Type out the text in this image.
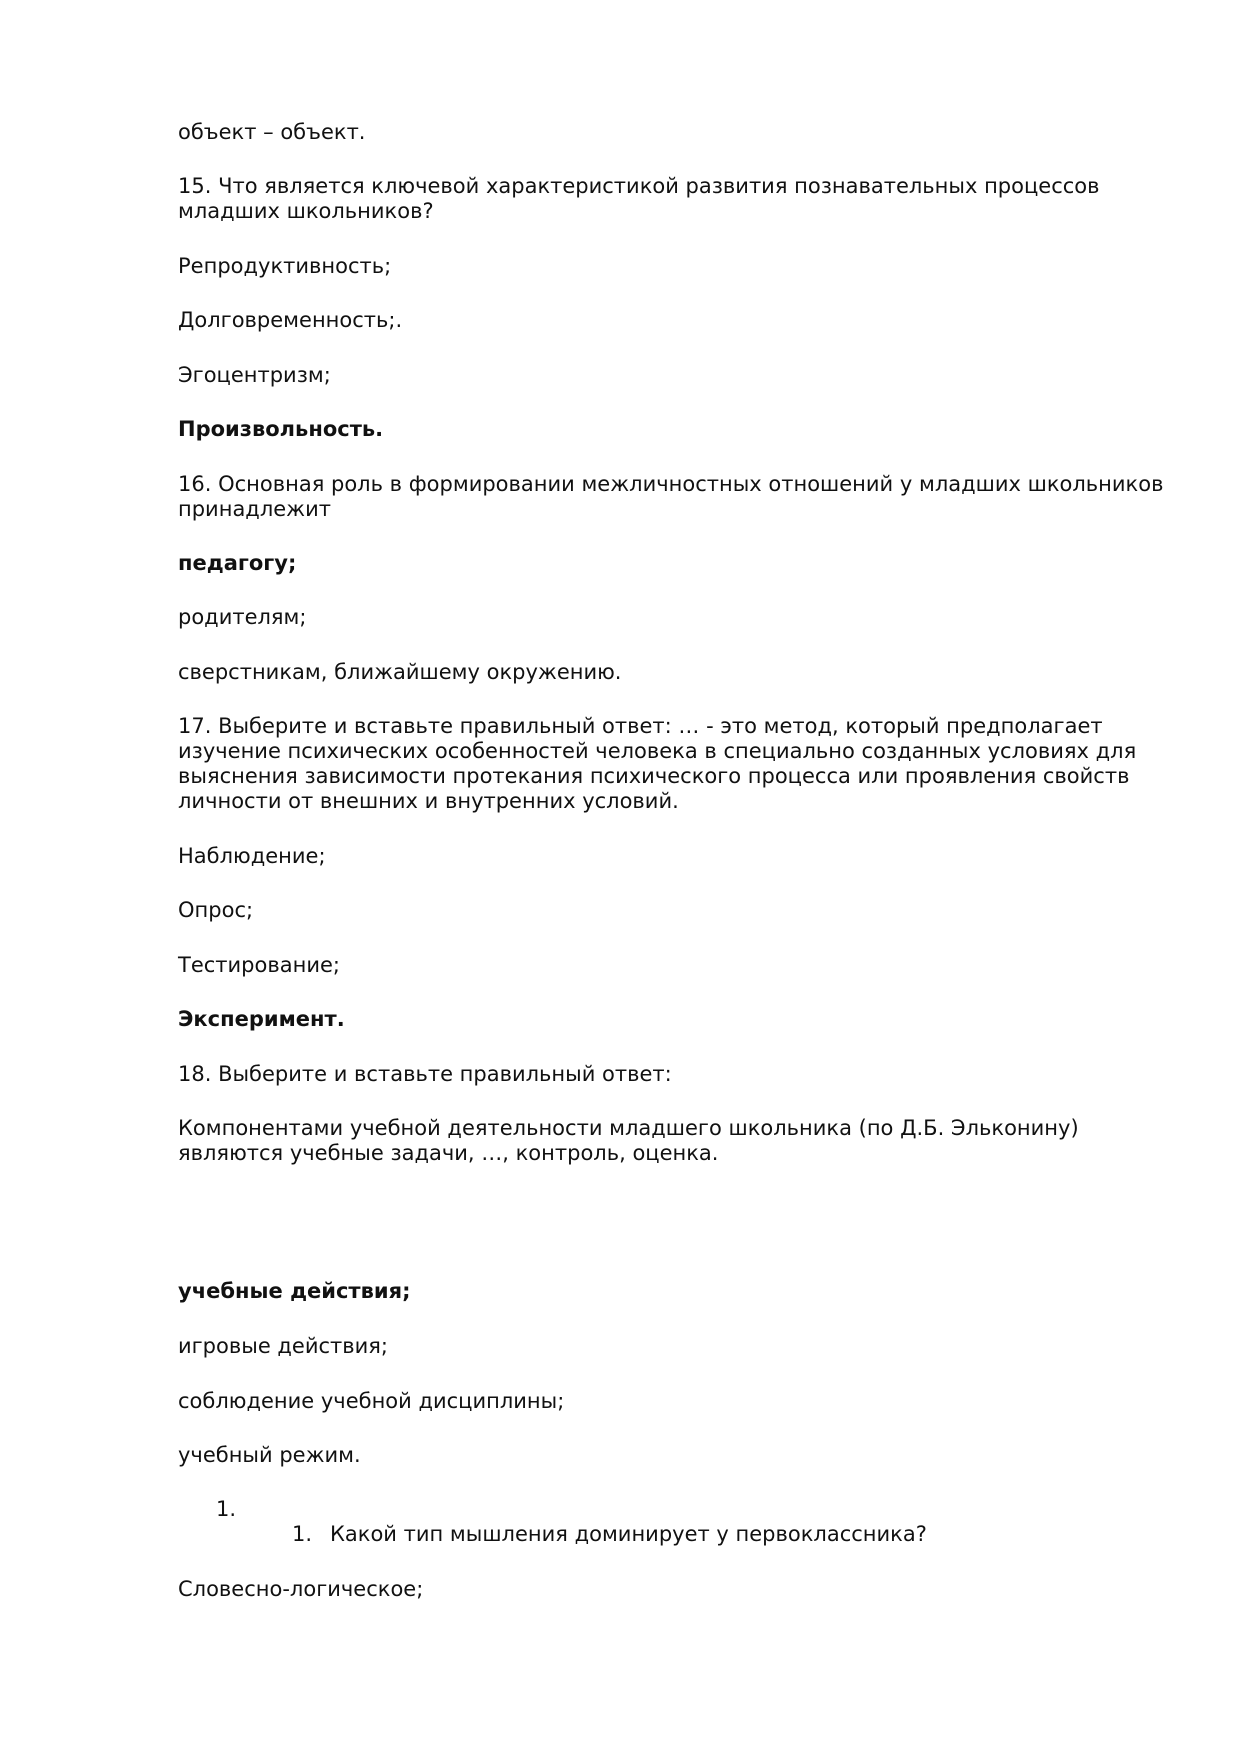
объект – объект.

15. Что является ключевой характеристикой развития познавательных процессов

младших школьников?

Репродуктивность;

Долговременность;.

Эгоцентризм;

Произвольность.

16. Основная роль в формировании межличностных отношений у младших школьников

принадлежит

педагогу;

родителям;

сверстникам, ближайшему окружению.

17. Выберите и вставьте правильный ответ: … - это метод, который предполагает

изучение психических особенностей человека в специально созданных условиях для

выяснения зависимости протекания психического процесса или проявления свойств

личности от внешних и внутренних условий.

Наблюдение;

Опрос;

Тестирование;

Эксперимент.

18. Выберите и вставьте правильный ответ:

Компонентами учебной деятельности младшего школьника (по Д.Б. Эльконину)

являются учебные задачи, …, контроль, оценка.

учебные действия;

игровые действия;

соблюдение учебной дисциплины;

учебный режим.

1.

1. Какой тип мышления доминирует у первоклассника?

Словесно-логическое;
